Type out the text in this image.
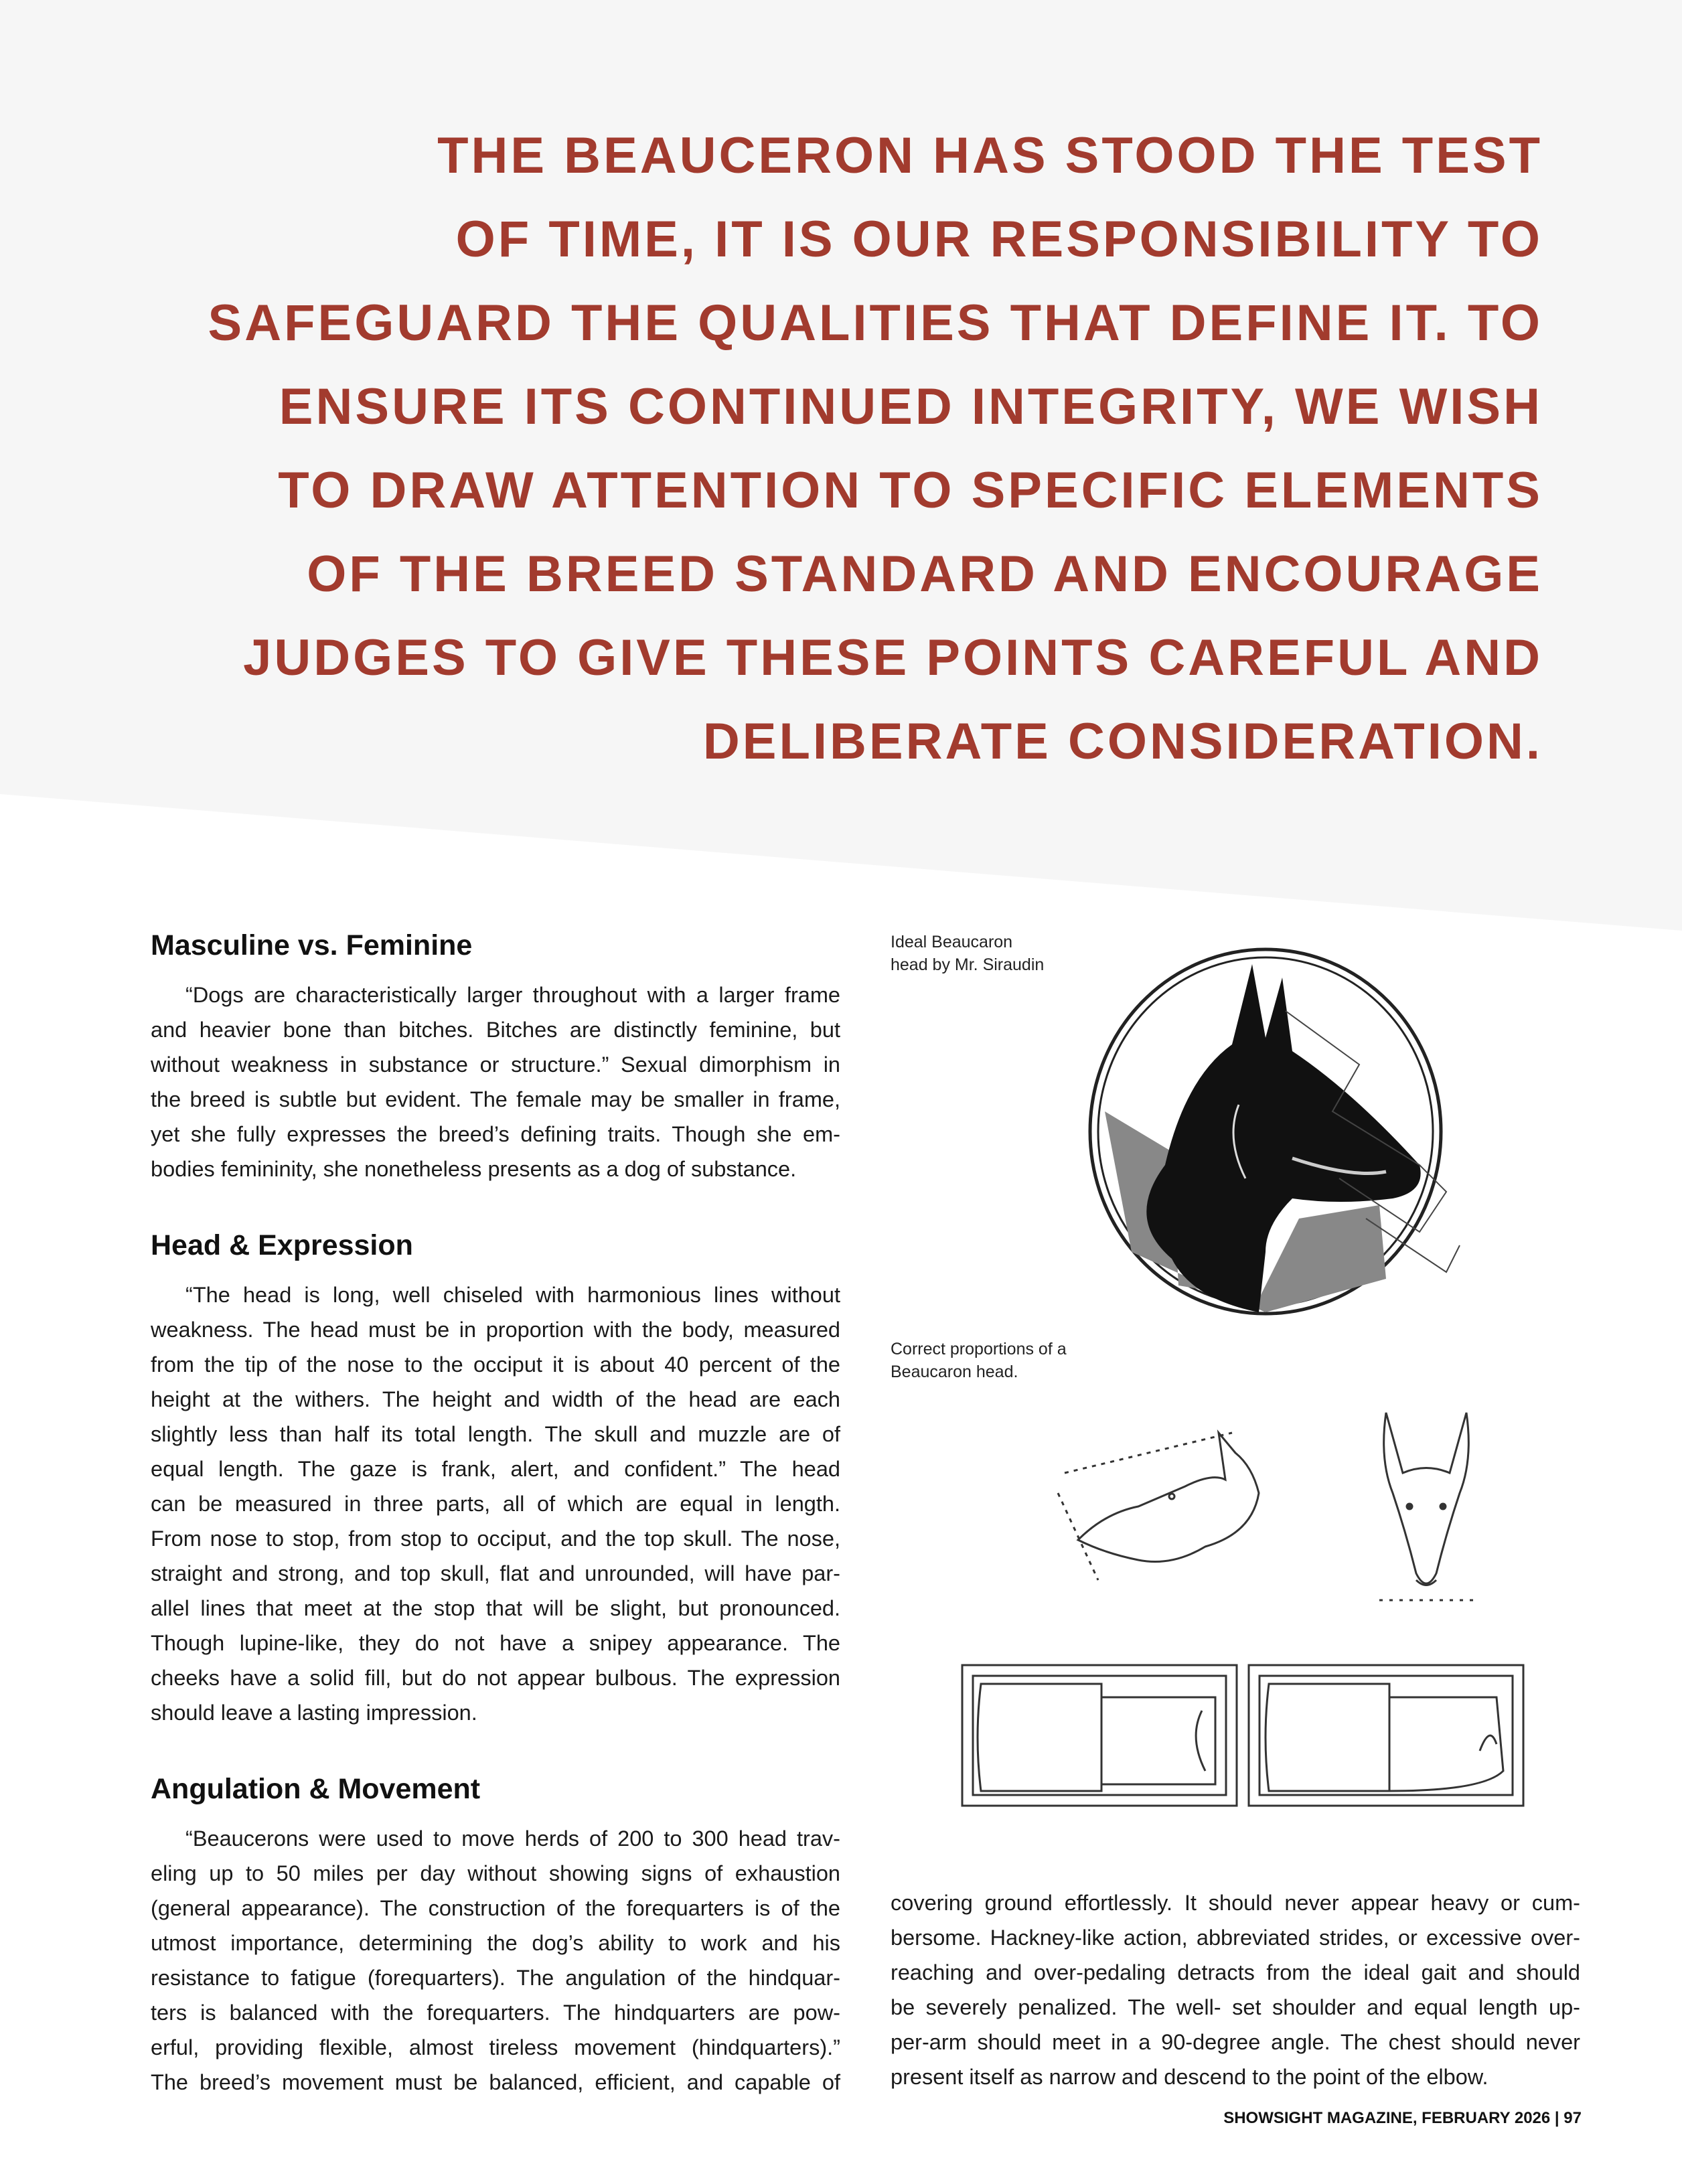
THE BEAUCERON HAS STOOD THE TEST
OF TIME, IT IS OUR RESPONSIBILITY TO
SAFEGUARD THE QUALITIES THAT DEFINE IT. TO
ENSURE ITS CONTINUED INTEGRITY, WE WISH
TO DRAW ATTENTION TO SPECIFIC ELEMENTS
OF THE BREED STANDARD AND ENCOURAGE
JUDGES TO GIVE THESE POINTS CAREFUL AND
DELIBERATE CONSIDERATION.
Masculine vs. Feminine
“Dogs are characteristically larger throughout with a larger frame
and heavier bone than bitches. Bitches are distinctly feminine, but
without weakness in substance or structure.” Sexual dimorphism in
the breed is subtle but evident. The female may be smaller in frame,
yet she fully expresses the breed’s defining traits. Though she em-
bodies femininity, she nonetheless presents as a dog of substance.
Head & Expression
“The head is long, well chiseled with harmonious lines without
weakness. The head must be in proportion with the body, measured
from the tip of the nose to the occiput it is about 40 percent of the
height at the withers. The height and width of the head are each
slightly less than half its total length. The skull and muzzle are of
equal length. The gaze is frank, alert, and confident.” The head
can be measured in three parts, all of which are equal in length.
From nose to stop, from stop to occiput, and the top skull. The nose,
straight and strong, and top skull, flat and unrounded, will have par-
allel lines that meet at the stop that will be slight, but pronounced.
Though lupine-like, they do not have a snipey appearance. The
cheeks have a solid fill, but do not appear bulbous. The expression
should leave a lasting impression.
Angulation & Movement
“Beaucerons were used to move herds of 200 to 300 head trav-
eling up to 50 miles per day without showing signs of exhaustion
(general appearance). The construction of the forequarters is of the
utmost importance, determining the dog’s ability to work and his
resistance to fatigue (forequarters). The angulation of the hindquar-
ters is balanced with the forequarters. The hindquarters are pow-
erful, providing flexible, almost tireless movement (hindquarters).”
The breed’s movement must be balanced, efficient, and capable of
Ideal Beaucaron
head by Mr. Siraudin
Correct proportions of a
Beaucaron head.
covering ground effortlessly. It should never appear heavy or cum-
bersome. Hackney-like action, abbreviated strides, or excessive over-
reaching and over-pedaling detracts from the ideal gait and should
be severely penalized. The well- set shoulder and equal length up-
per-arm should meet in a 90-degree angle. The chest should never
present itself as narrow and descend to the point of the elbow.
SHOWSIGHT MAGAZINE, FEBRUARY 2026 | 97
